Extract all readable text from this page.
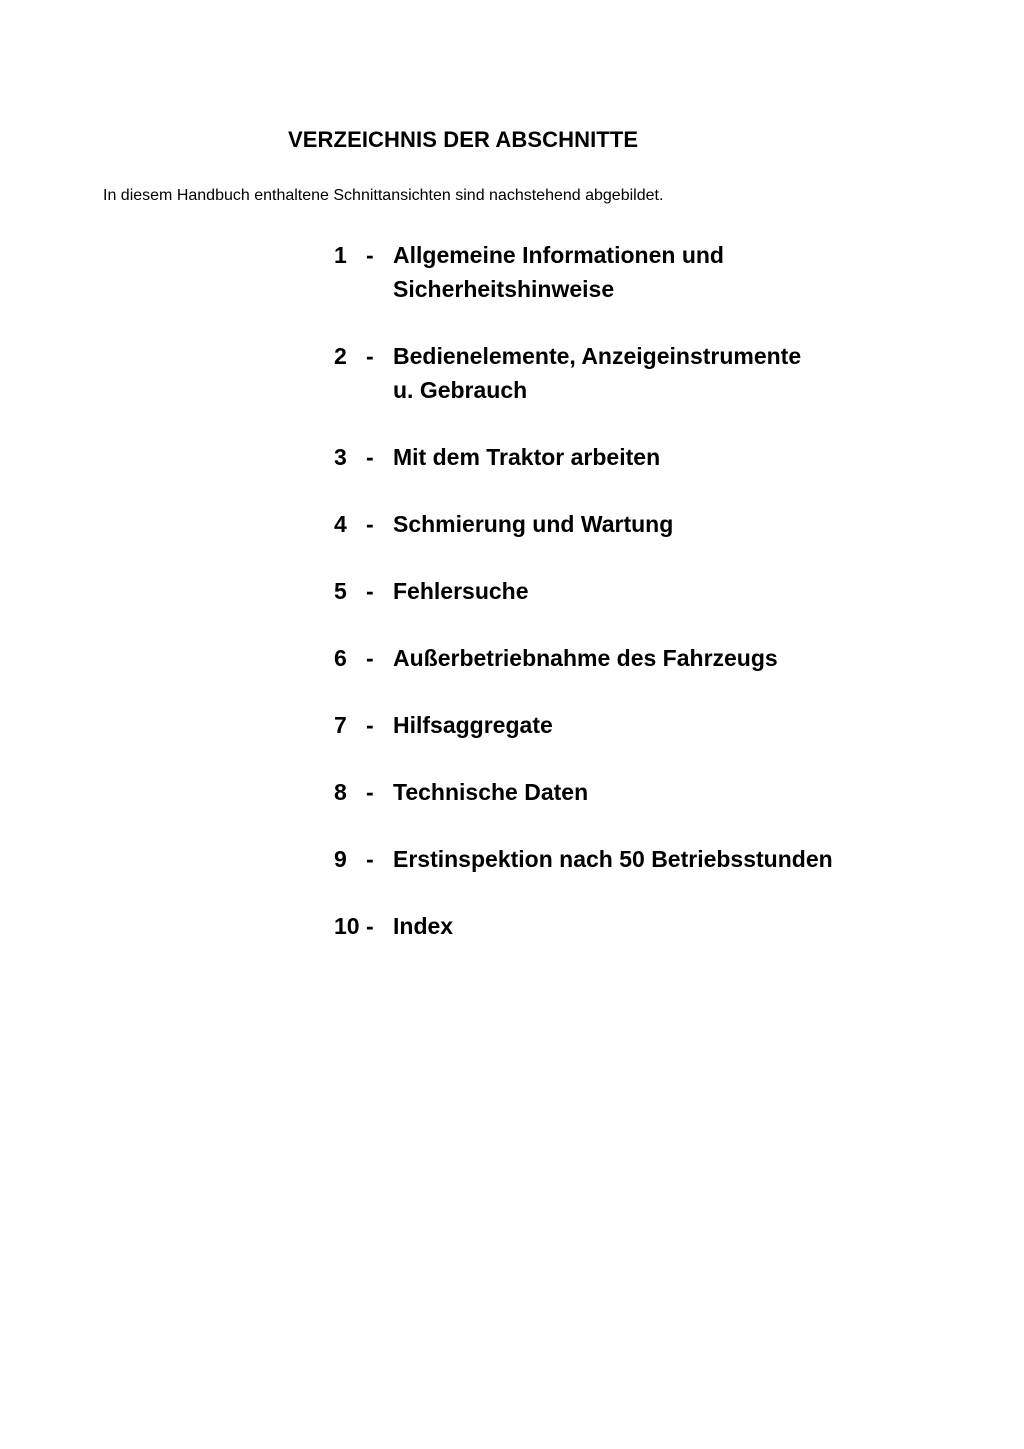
VERZEICHNIS DER ABSCHNITTE

In diesem Handbuch enthaltene Schnittansichten sind nachstehend abgebildet.

1 - Allgemeine Informationen und
Sicherheitshinweise
2 - Bedienelemente, Anzeigeinstrumente
u. Gebrauch
3 - Mit dem Traktor arbeiten
4 - Schmierung und Wartung
5 - Fehlersuche
6 - Außerbetriebnahme des Fahrzeugs
7 - Hilfsaggregate
8 - Technische Daten
9 - Erstinspektion nach 50 Betriebsstunden
10 - Index
